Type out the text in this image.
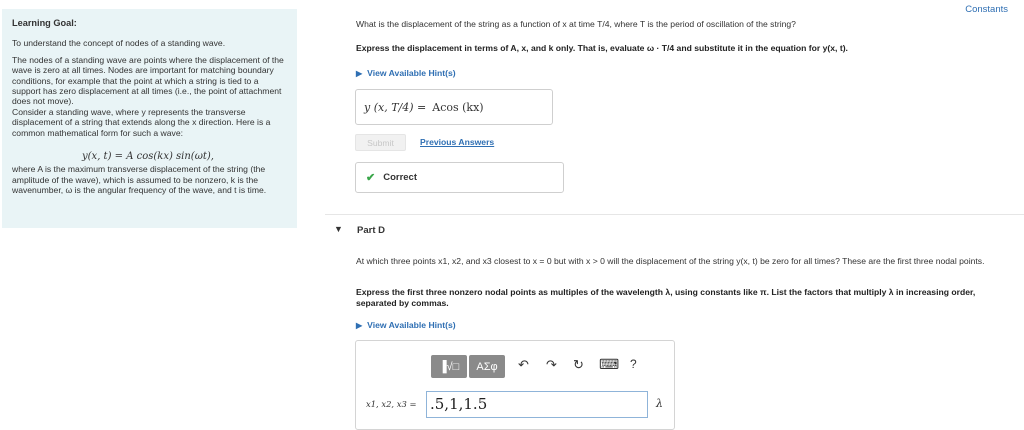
Learning Goal:

To understand the concept of nodes of a standing wave.

The nodes of a standing wave are points where the displacement of the wave is zero at all times. Nodes are important for matching boundary conditions, for example that the point at which a string is tied to a support has zero displacement at all times (i.e., the point of attachment does not move).

Consider a standing wave, where y represents the transverse displacement of a string that extends along the x direction. Here is a common mathematical form for such a wave:

y(x, t) = A cos(kx) sin(ωt),

where A is the maximum transverse displacement of the string (the amplitude of the wave), which is assumed to be nonzero, k is the wavenumber, ω is the angular frequency of the wave, and t is time.

Constants
What is the displacement of the string as a function of x at time T/4, where T is the period of oscillation of the string?
Express the displacement in terms of A, x, and k only. That is, evaluate ω · T/4 and substitute it in the equation for y(x, t).
▶ View Available Hint(s)
y (x, T/4) = Acos (kx)
Submit	Previous Answers
✔ Correct
▼ Part D
At which three points x1, x2, and x3 closest to x = 0 but with x > 0 will the displacement of the string y(x, t) be zero for all times? These are the first three nodal points.
Express the first three nonzero nodal points as multiples of the wavelength λ, using constants like π. List the factors that multiply λ in increasing order, separated by commas.
▶ View Available Hint(s)
▐√□ ΑΣφ ↶ ↷ ↻ ⌨ ?
x1, x2, x3 = .5,1,1.5	λ
